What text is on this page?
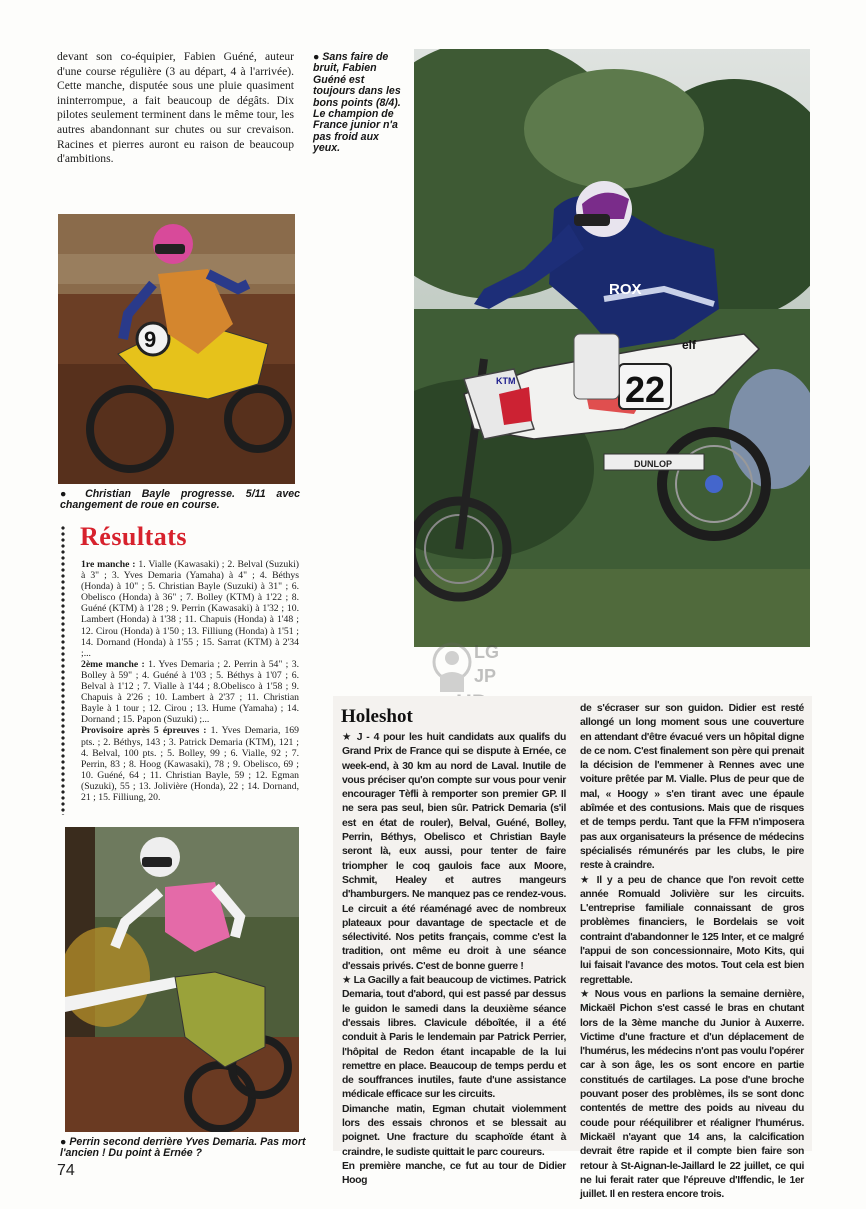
devant son co-équipier, Fabien Guéné, auteur d'une course régulière (3 au départ, 4 à l'arrivée). Cette manche, disputée sous une pluie quasiment ininterrompue, a fait beaucoup de dégâts. Dix pilotes seulement terminent dans le même tour, les autres abandonnant sur chutes ou sur crevaison. Racines et pierres auront eu raison de beaucoup d'ambitions.
● Sans faire de bruit, Fabien Guéné est toujours dans les bons points (8/4). Le champion de France junior n'a pas froid aux yeux.
KTM	22
elf
DUNLOP
ROX
9
● Christian Bayle progresse. 5/11 avec changement de roue en course.
Résultats
1re manche : 1. Vialle (Kawasaki) ; 2. Belval (Suzuki) à 3" ; 3. Yves Demaria (Yamaha) à 4" ; 4. Béthys (Honda) à 10" ; 5. Christian Bayle (Suzuki) à 31" ; 6. Obelisco (Honda) à 36" ; 7. Bolley (KTM) à 1'22 ; 8. Guéné (KTM) à 1'28 ; 9. Perrin (Kawasaki) à 1'32 ; 10. Lambert (Honda) à 1'38 ; 11. Chapuis (Honda) à 1'48 ; 12. Cirou (Honda) à 1'50 ; 13. Filliung (Honda) à 1'51 ; 14. Dornand (Honda) à 1'55 ; 15. Sarrat (KTM) à 2'34 ;...
2ème manche : 1. Yves Demaria ; 2. Perrin à 54" ; 3. Bolley à 59" ; 4. Guéné à 1'03 ; 5. Béthys à 1'07 ; 6. Belval à 1'12 ; 7. Vialle à 1'44 ; 8.Obelisco à 1'58 ; 9. Chapuis à 2'26 ; 10. Lambert à 2'37 ; 11. Christian Bayle à 1 tour ; 12. Cirou ; 13. Hume (Yamaha) ; 14. Dornand ; 15. Papon (Suzuki) ;...
Provisoire après 5 épreuves : 1. Yves Demaria, 169 pts. ; 2. Béthys, 143 ; 3. Patrick Demaria (KTM), 121 ; 4. Belval, 100 pts. ; 5. Bolley, 99 ; 6. Vialle, 92 ; 7. Perrin, 83 ; 8. Hoog (Kawasaki), 78 ; 9. Obelisco, 69 ; 10. Guéné, 64 ; 11. Christian Bayle, 59 ; 12. Egman (Suzuki), 55 ; 13. Jolivière (Honda), 22 ; 14. Dornand, 21 ; 15. Filliung, 20.
● Perrin second derrière Yves Demaria. Pas mort l'ancien ! Du point à Ernée ?
LG
JP
Holeshot

★ J - 4 pour les huit candidats aux qualifs du Grand Prix de France qui se dispute à Ernée, ce week-end, à 30 km au nord de Laval. Inutile de vous préciser qu'on compte sur vous pour venir encourager Tèfli à remporter son premier GP. Il ne sera pas seul, bien sûr. Patrick Demaria (s'il est en état de rouler), Belval, Guéné, Bolley, Perrin, Béthys, Obelisco et Christian Bayle seront là, eux aussi, pour tenter de faire triompher le coq gaulois face aux Moore, Schmit, Healey et autres mangeurs d'hamburgers. Ne manquez pas ce rendez-vous. Le circuit a été réaménagé avec de nombreux plateaux pour davantage de spectacle et de sélectivité. Nos petits français, comme c'est la tradition, ont même eu droit à une séance d'essais privés. C'est de bonne guerre !

★ La Gacilly a fait beaucoup de victimes. Patrick Demaria, tout d'abord, qui est passé par dessus le guidon le samedi dans la deuxième séance d'essais libres. Clavicule déboîtée, il a été conduit à Paris le lendemain par Patrick Perrier, l'hôpital de Redon étant incapable de la lui remettre en place. Beaucoup de temps perdu et de souffrances inutiles, faute d'une assistance médicale efficace sur les circuits.

Dimanche matin, Egman chutait violemment lors des essais chronos et se blessait au poignet. Une fracture du scaphoïde étant à craindre, le sudiste quittait le parc coureurs.

En première manche, ce fut au tour de Didier Hoog

de s'écraser sur son guidon. Didier est resté allongé un long moment sous une couverture en attendant d'être évacué vers un hôpital digne de ce nom. C'est finalement son père qui prenait la décision de l'emmener à Rennes avec une voiture prêtée par M. Vialle. Plus de peur que de mal, « Hoogy » s'en tirant avec une épaule abîmée et des contusions. Mais que de risques et de temps perdu. Tant que la FFM n'imposera pas aux organisateurs la présence de médecins spécialisés rémunérés par les clubs, le pire reste à craindre.

★ Il y a peu de chance que l'on revoit cette année Romuald Jolivière sur les circuits. L'entreprise familiale connaissant de gros problèmes financiers, le Bordelais se voit contraint d'abandonner le 125 Inter, et ce malgré l'appui de son concessionnaire, Moto Kits, qui lui faisait l'avance des motos. Tout cela est bien regrettable.

★ Nous vous en parlions la semaine dernière, Mickaël Pichon s'est cassé le bras en chutant lors de la 3ème manche du Junior à Auxerre. Victime d'une fracture et d'un déplacement de l'humérus, les médecins n'ont pas voulu l'opérer car à son âge, les os sont encore en partie constitués de cartilages. La pose d'une broche pouvant poser des problèmes, ils se sont donc contentés de mettre des poids au niveau du coude pour rééquilibrer et réaligner l'humérus. Mickaël n'ayant que 14 ans, la calcification devrait être rapide et il compte bien faire son retour à St-Aignan-le-Jaillard le 22 juillet, ce qui ne lui ferait rater que l'épreuve d'Iffendic, le 1er juillet. Il en restera encore trois.

74
